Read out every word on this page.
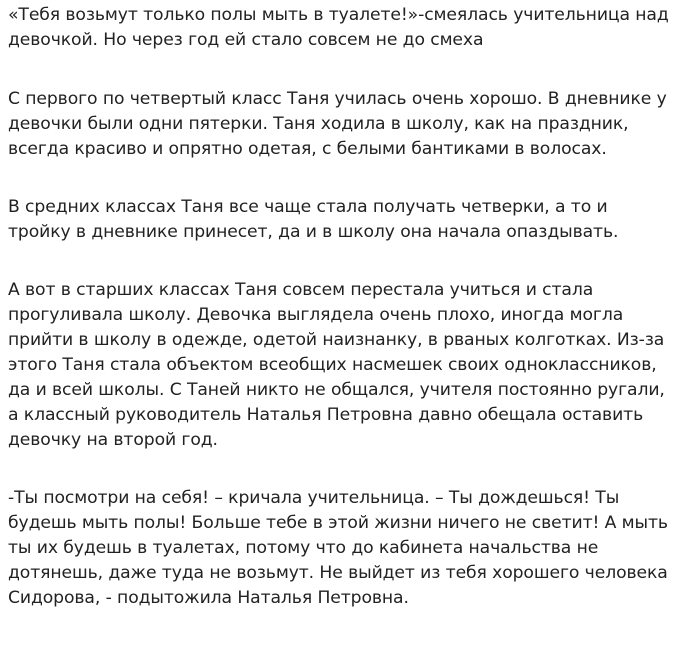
«Тебя возьмут только полы мыть в туалете!»-смеялась учительница над девочкой. Но через год ей стало совсем не до смеха

С первого по четвертый класс Таня училась очень хорошо. В дневнике у девочки были одни пятерки. Таня ходила в школу, как на праздник, всегда красиво и опрятно одетая, с белыми бантиками в волосах.

В средних классах Таня все чаще стала получать четверки, а то и тройку в дневнике принесет, да и в школу она начала опаздывать.

А вот в старших классах Таня совсем перестала учиться и стала прогуливала школу. Девочка выглядела очень плохо, иногда могла прийти в школу в одежде, одетой наизнанку, в рваных колготках. Из-за этого Таня стала объектом всеобщих насмешек своих одноклассников, да и всей школы. С Таней никто не общался, учителя постоянно ругали, а классный руководитель Наталья Петровна давно обещала оставить девочку на второй год.

-Ты посмотри на себя! – кричала учительница. – Ты дождешься! Ты будешь мыть полы! Больше тебе в этой жизни ничего не светит! А мыть ты их будешь в туалетах, потому что до кабинета начальства не дотянешь, даже туда не возьмут. Не выйдет из тебя хорошего человека Сидорова, - подытожила Наталья Петровна.
